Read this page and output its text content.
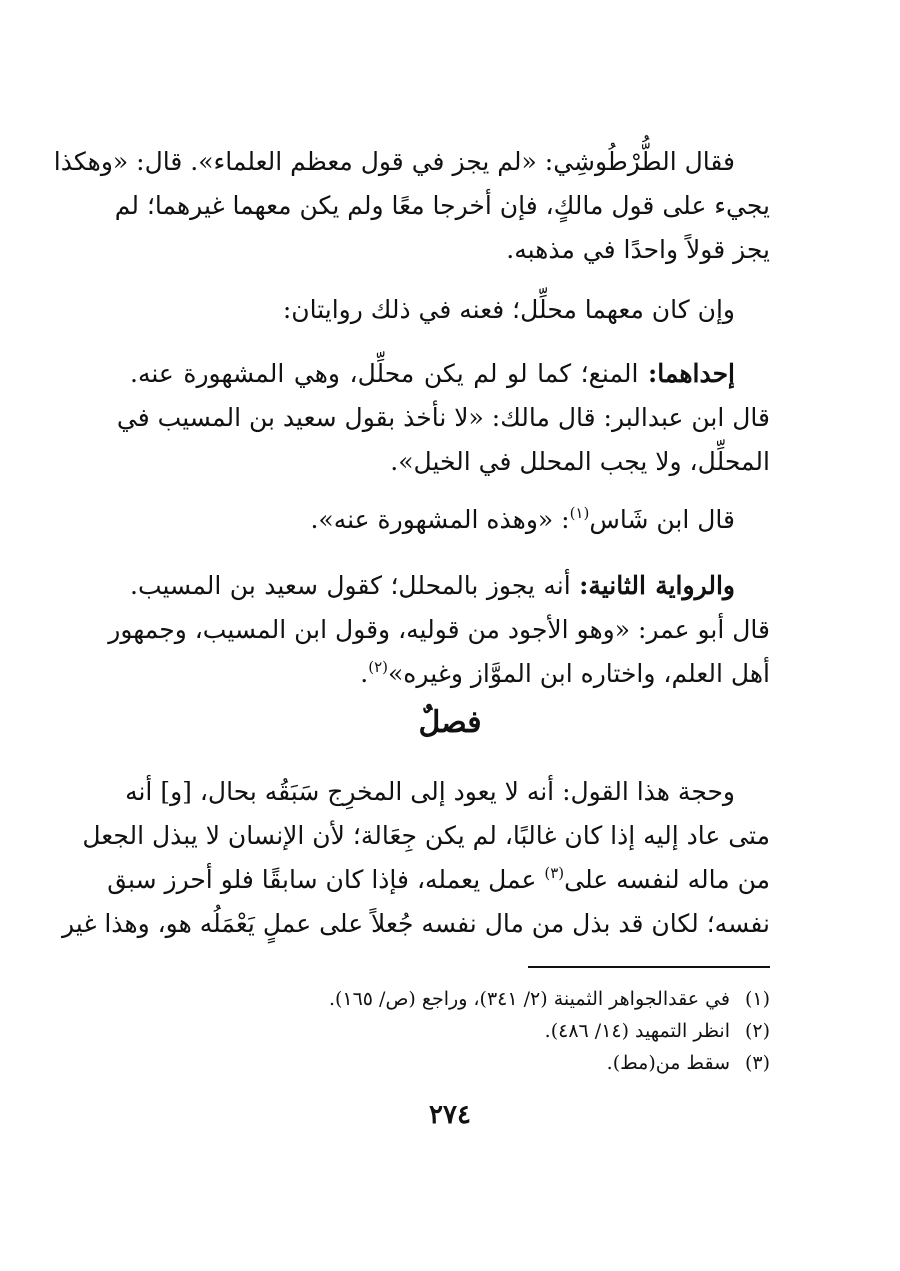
فقال الطُّرْطُوشِي: «لم يجز في قول معظم العلماء». قال: «وهكذا
يجيء على قول مالكٍ، فإن أخرجا معًا ولم يكن معهما غيرهما؛ لم
يجز قولاً واحدًا في مذهبه.
وإن كان معهما محلِّل؛ فعنه في ذلك روايتان:
إحداهما: المنع؛ كما لو لم يكن محلِّل، وهي المشهورة عنه.
قال ابن عبدالبر: قال مالك: «لا نأخذ بقول سعيد بن المسيب في
المحلِّل، ولا يجب المحلل في الخيل».
قال ابن شَاس$^{(١)}$: «وهذه المشهورة عنه».
والرواية الثانية: أنه يجوز بالمحلل؛ كقول سعيد بن المسيب.
قال أبو عمر: «وهو الأجود من قوليه، وقول ابن المسيب، وجمهور
أهل العلم، واختاره ابن الموَّاز وغيره»$^{(٢)}$.
فصلٌ
وحجة هذا القول: أنه لا يعود إلى المخرِج سَبَقُه بحال، [و] أنه
متى عاد إليه إذا كان غالبًا، لم يكن جِعَالة؛ لأن الإنسان لا يبذل الجعل
من ماله لنفسه على$^{(٣)}$ عمل يعمله، فإذا كان سابقًا فلو أحرز سبق
نفسه؛ لكان قد بذل من مال نفسه جُعلاً على عملٍ يَعْمَلُه هو، وهذا غير
(١)في عقدالجواهر الثمينة (٢/ ٣٤١)، وراجع (ص/ ١٦٥).
(٢)انظر التمهيد (١٤/ ٤٨٦).
(٣)سقط من(مط).
٢٧٤
